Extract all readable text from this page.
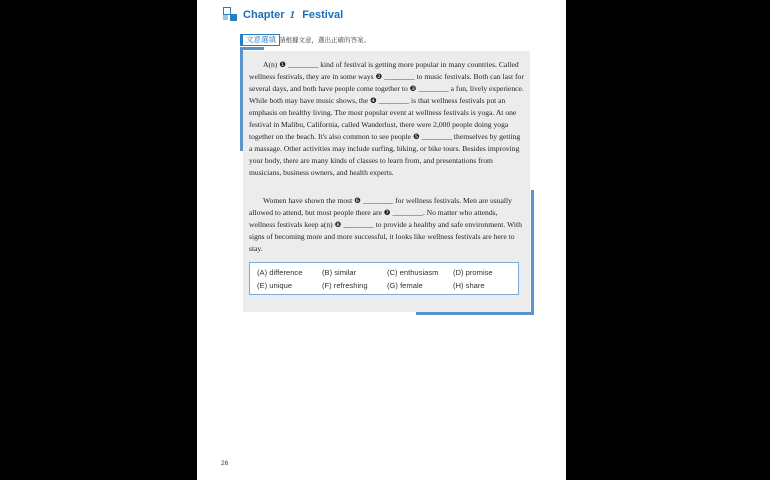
Chapter 1 Festival
文意選填 請根據文意，選出正確的答案。
A(n) ❶ ________ kind of festival is getting more popular in many countries. Called wellness festivals, they are in some ways ❷ ________ to music festivals. Both can last for several days, and both have people come together to ❸ ________ a fun, lively experience. While both may have music shows, the ❹ ________ is that wellness festivals put an emphasis on healthy living. The most popular event at wellness festivals is yoga. At one festival in Malibu, California, called Wanderlust, there were 2,000 people doing yoga together on the beach. It's also common to see people ❺ ________ themselves by getting a massage. Other activities may include surfing, hiking, or bike tours. Besides improving your body, there are many kinds of classes to learn from, and presentations from musicians, business owners, and health experts.
Women have shown the most ❻ ________ for wellness festivals. Men are usually allowed to attend, but most people there are ❼ ________. No matter who attends, wellness festivals keep a(n) ❽ ________ to provide a healthy and safe environment. With signs of becoming more and more successful, it looks like wellness festivals are here to stay.
(A) difference	(B) similar	(C) enthusiasm (D) promise
(E) unique	(F) refreshing	(G) female	(H) share
26
